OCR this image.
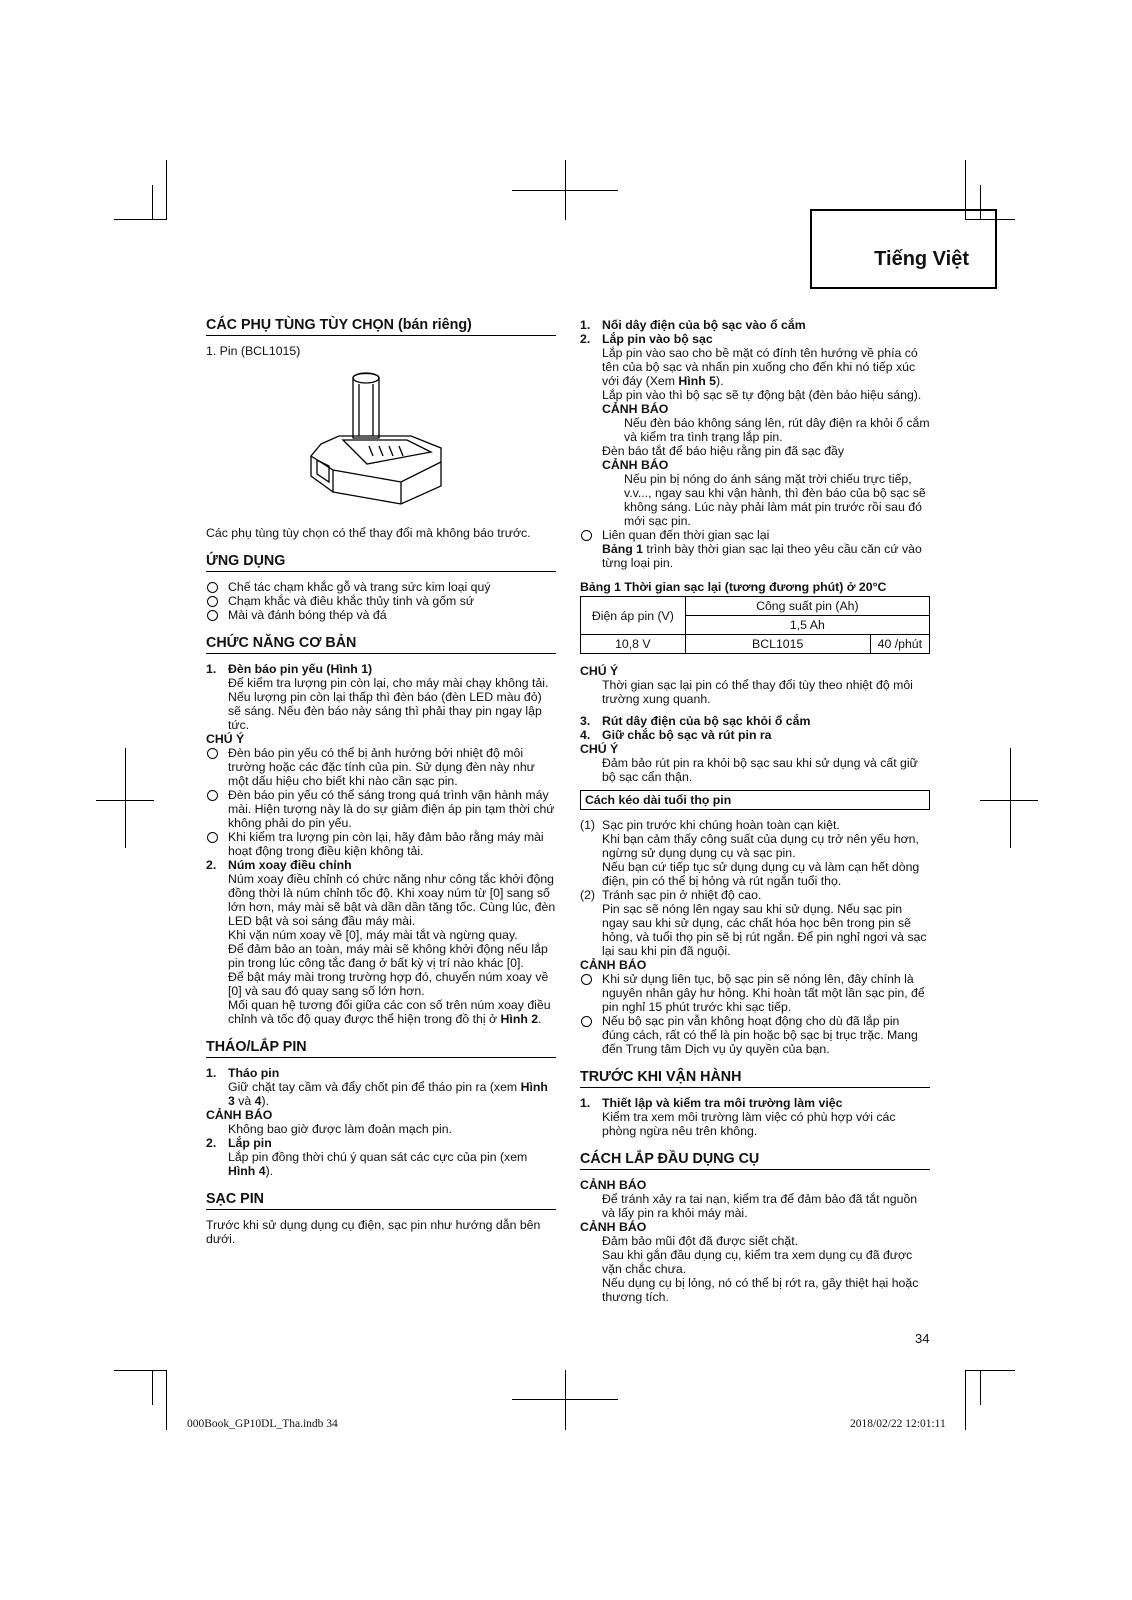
Tiếng Việt
CÁC PHỤ TÙNG TÙY CHỌN (bán riêng)

1. Pin (BCL1015)

Các phụ tùng tùy chọn có thể thay đổi mà không báo trước.

ỨNG DỤNG
Chế tác chạm khắc gỗ và trang sức kim loại quý
Chạm khắc và điêu khắc thủy tinh và gốm sứ
Mài và đánh bóng thép và đá
CHỨC NĂNG CƠ BẢN
1. Đèn báo pin yếu (Hình 1)

Để kiểm tra lượng pin còn lại, cho máy mài chạy không tải.

Nếu lượng pin còn lại thấp thì đèn báo (đèn LED màu đỏ) sẽ sáng. Nếu đèn báo này sáng thì phải thay pin ngay lập tức.

CHÚ Ý
Đèn báo pin yếu có thể bị ảnh hưởng bởi nhiệt độ môi trường hoặc các đặc tính của pin. Sử dụng đèn này như một dấu hiệu cho biết khi nào cần sạc pin.
Đèn báo pin yếu có thể sáng trong quá trình vận hành máy mài. Hiện tượng này là do sự giảm điện áp pin tạm thời chứ không phải do pin yếu.
Khi kiểm tra lượng pin còn lại, hãy đảm bảo rằng máy mài hoạt động trong điều kiện không tải.
2. Núm xoay điều chỉnh

Núm xoay điều chỉnh có chức năng như công tắc khởi động đồng thời là núm chỉnh tốc độ. Khi xoay núm từ [0] sang số lớn hơn, máy mài sẽ bật và dần dần tăng tốc. Cùng lúc, đèn LED bật và soi sáng đầu máy mài.

Khi vặn núm xoay về [0], máy mài tắt và ngừng quay.

Để đảm bảo an toàn, máy mài sẽ không khởi động nếu lắp pin trong lúc công tắc đang ở bất kỳ vị trí nào khác [0].

Để bật máy mài trong trường hợp đó, chuyển núm xoay về [0] và sau đó quay sang số lớn hơn.

Mối quan hệ tương đối giữa các con số trên núm xoay điều chỉnh và tốc độ quay được thể hiện trong đồ thị ở Hình 2.

THÁO/LẮP PIN
1. Tháo pin

Giữ chặt tay cầm và đẩy chốt pin để tháo pin ra (xem Hình 3 và 4).

CẢNH BÁO

Không bao giờ được làm đoản mạch pin.

2. Lắp pin

Lắp pin đồng thời chú ý quan sát các cực của pin (xem Hình 4).

SẠC PIN

Trước khi sử dụng dụng cụ điện, sạc pin như hướng dẫn bên dưới.

1. Nối dây điện của bộ sạc vào ổ cắm
2. Lắp pin vào bộ sạc

Lắp pin vào sao cho bề mặt có đính tên hướng về phía có tên của bộ sạc và nhấn pin xuống cho đến khi nó tiếp xúc với đáy (Xem Hình 5).

Lắp pin vào thì bộ sạc sẽ tự động bật (đèn báo hiệu sáng).

CẢNH BÁO

Nếu đèn báo không sáng lên, rút dây điện ra khỏi ổ cắm và kiểm tra tình trạng lắp pin.

Đèn báo tắt để báo hiệu rằng pin đã sạc đầy

CẢNH BÁO

Nếu pin bị nóng do ánh sáng mặt trời chiếu trực tiếp, v.v..., ngay sau khi vận hành, thì đèn báo của bộ sạc sẽ không sáng. Lúc này phải làm mát pin trước rồi sau đó mới sạc pin.

Liên quan đến thời gian sạc lại

Bảng 1 trình bày thời gian sạc lại theo yêu cầu căn cứ vào từng loại pin.

Bảng 1 Thời gian sạc lại (tương đương phút) ở 20°C
Điện áp pin (V)	Công suất pin (Ah)	
	1,5 Ah	
10,8 V	BCL1015	40 /phút
CHÚ Ý

Thời gian sạc lại pin có thể thay đổi tùy theo nhiệt độ môi trường xung quanh.

3. Rút dây điện của bộ sạc khỏi ổ cắm
4. Giữ chắc bộ sạc và rút pin ra
CHÚ Ý

Đảm bảo rút pin ra khỏi bộ sạc sau khi sử dụng và cất giữ bộ sạc cẩn thận.

Cách kéo dài tuổi thọ pin
(1) Sạc pin trước khi chúng hoàn toàn cạn kiệt.

Khi bạn cảm thấy công suất của dụng cụ trở nên yếu hơn, ngừng sử dụng dụng cụ và sạc pin.

Nếu bạn cứ tiếp tục sử dụng dụng cụ và làm cạn hết dòng điện, pin có thể bị hỏng và rút ngắn tuổi thọ.

(2) Tránh sạc pin ở nhiệt độ cao.

Pin sạc sẽ nóng lên ngay sau khi sử dụng. Nếu sạc pin ngay sau khi sử dụng, các chất hóa học bên trong pin sẽ hỏng, và tuổi thọ pin sẽ bị rút ngắn. Để pin nghỉ ngơi và sạc lại sau khi pin đã nguội.

CẢNH BÁO
Khi sử dụng liên tục, bộ sạc pin sẽ nóng lên, đây chính là nguyên nhân gây hư hỏng. Khi hoàn tất một lần sạc pin, để pin nghỉ 15 phút trước khi sạc tiếp.
Nếu bộ sạc pin vẫn không hoạt động cho dù đã lắp pin đúng cách, rất có thể là pin hoặc bộ sạc bị trục trặc. Mang đến Trung tâm Dịch vụ ủy quyền của bạn.
TRƯỚC KHI VẬN HÀNH
1. Thiết lập và kiểm tra môi trường làm việc

Kiểm tra xem môi trường làm việc có phù hợp với các phòng ngừa nêu trên không.

CÁCH LẮP ĐẦU DỤNG CỤ
CẢNH BÁO

Để tránh xảy ra tai nạn, kiểm tra để đảm bảo đã tắt nguồn và lấy pin ra khỏi máy mài.

CẢNH BÁO

Đảm bảo mũi đột đã được siết chặt.

Sau khi gắn đầu dụng cụ, kiểm tra xem dụng cụ đã được vặn chắc chưa.

Nếu dụng cụ bị lỏng, nó có thể bị rớt ra, gây thiệt hại hoặc thương tích.

34
000Book_GP10DL_Tha.indb 34	2018/02/22 12:01:11
